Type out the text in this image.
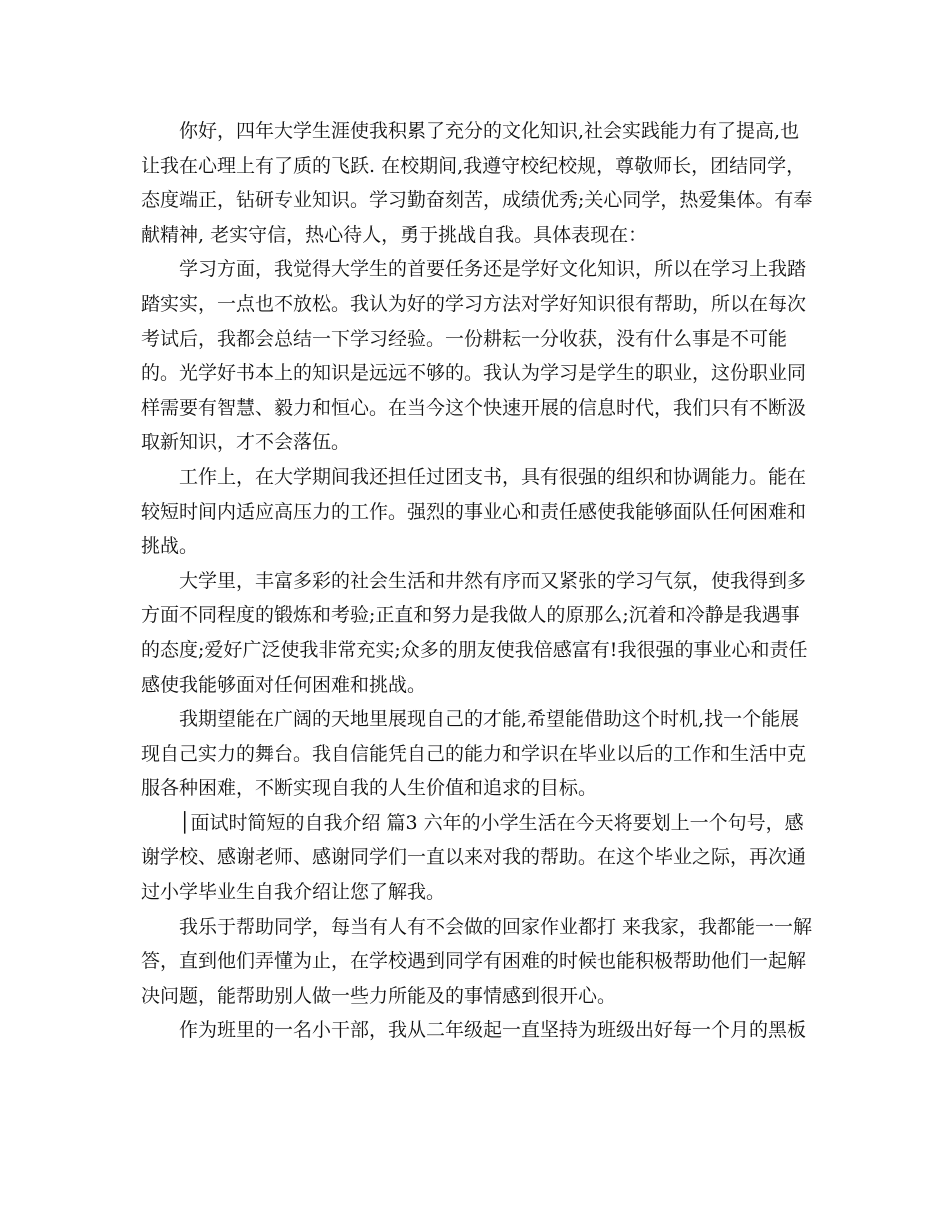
你好，四年大学生涯使我积累了充分的文化知识,社会实践能力有了提高,也
让我在心理上有了质的飞跃. 在校期间,我遵守校纪校规，尊敬师长，团结同学，
态度端正，钻研专业知识。学习勤奋刻苦，成绩优秀;关心同学，热爱集体。有奉
献精神, 老实守信，热心待人，勇于挑战自我。具体表现在：
学习方面，我觉得大学生的首要任务还是学好文化知识，所以在学习上我踏
踏实实，一点也不放松。我认为好的学习方法对学好知识很有帮助，所以在每次
考试后，我都会总结一下学习经验。一份耕耘一分收获，没有什么事是不可能
的。光学好书本上的知识是远远不够的。我认为学习是学生的职业，这份职业同
样需要有智慧、毅力和恒心。在当今这个快速开展的信息时代，我们只有不断汲
取新知识，才不会落伍。
工作上，在大学期间我还担任过团支书，具有很强的组织和协调能力。能在
较短时间内适应高压力的工作。强烈的事业心和责任感使我能够面队任何困难和
挑战。
大学里，丰富多彩的社会生活和井然有序而又紧张的学习气氛，使我得到多
方面不同程度的锻炼和考验;正直和努力是我做人的原那么;沉着和冷静是我遇事
的态度;爱好广泛使我非常充实;众多的朋友使我倍感富有!我很强的事业心和责任
感使我能够面对任何困难和挑战。
我期望能在广阔的天地里展现自己的才能,希望能借助这个时机,找一个能展
现自己实力的舞台。我自信能凭自己的能力和学识在毕业以后的工作和生活中克
服各种困难，不断实现自我的人生价值和追求的目标。
│面试时简短的自我介绍 篇3 六年的小学生活在今天将要划上一个句号，感
谢学校、感谢老师、感谢同学们一直以来对我的帮助。在这个毕业之际，再次通
过小学毕业生自我介绍让您了解我。
我乐于帮助同学，每当有人有不会做的回家作业都打 来我家，我都能一一解
答，直到他们弄懂为止，在学校遇到同学有困难的时候也能积极帮助他们一起解
决问题，能帮助别人做一些力所能及的事情感到很开心。
作为班里的一名小干部，我从二年级起一直坚持为班级出好每一个月的黑板
